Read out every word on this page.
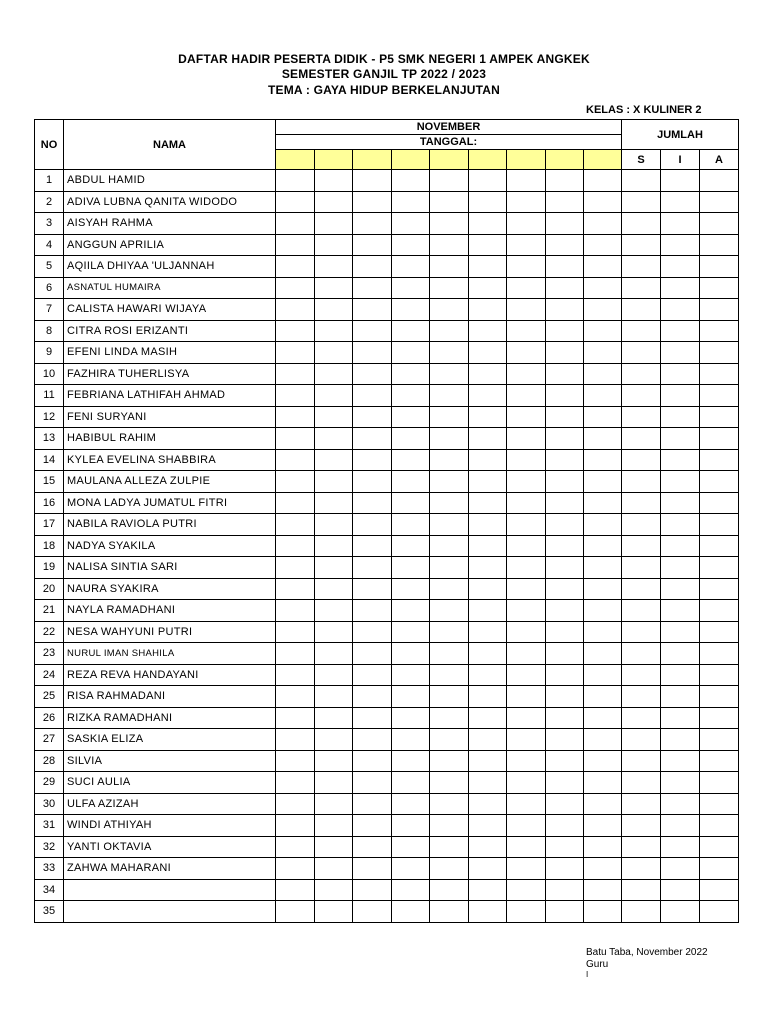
DAFTAR HADIR PESERTA DIDIK - P5 SMK NEGERI 1 AMPEK ANGKEK
SEMESTER GANJIL TP 2022 / 2023
TEMA : GAYA HIDUP BERKELANJUTAN
KELAS : X KULINER 2
NO	NAMA	NOVEMBER									JUMLAH		
		TANGGAL:											
											S	I	A
1	ABDUL HAMID												
2	ADIVA LUBNA QANITA WIDODO												
3	AISYAH RAHMA												
4	ANGGUN APRILIA												
5	AQIILA DHIYAA 'ULJANNAH												
6	ASNATUL HUMAIRA												
7	CALISTA HAWARI WIJAYA												
8	CITRA ROSI ERIZANTI												
9	EFENI LINDA MASIH												
10	FAZHIRA TUHERLISYA												
11	FEBRIANA LATHIFAH AHMAD												
12	FENI SURYANI												
13	HABIBUL RAHIM												
14	KYLEA EVELINA SHABBIRA												
15	MAULANA ALLEZA ZULPIE												
16	MONA LADYA JUMATUL FITRI												
17	NABILA RAVIOLA PUTRI												
18	NADYA SYAKILA												
19	NALISA SINTIA SARI												
20	NAURA SYAKIRA												
21	NAYLA RAMADHANI												
22	NESA WAHYUNI PUTRI												
23	NURUL IMAN SHAHILA												
24	REZA REVA HANDAYANI												
25	RISA RAHMADANI												
26	RIZKA RAMADHANI												
27	SASKIA ELIZA												
28	SILVIA												
29	SUCI AULIA												
30	ULFA AZIZAH												
31	WINDI ATHIYAH												
32	YANTI OKTAVIA												
33	ZAHWA MAHARANI												
34													
35													
Batu Taba, November 2022
Guru
I
